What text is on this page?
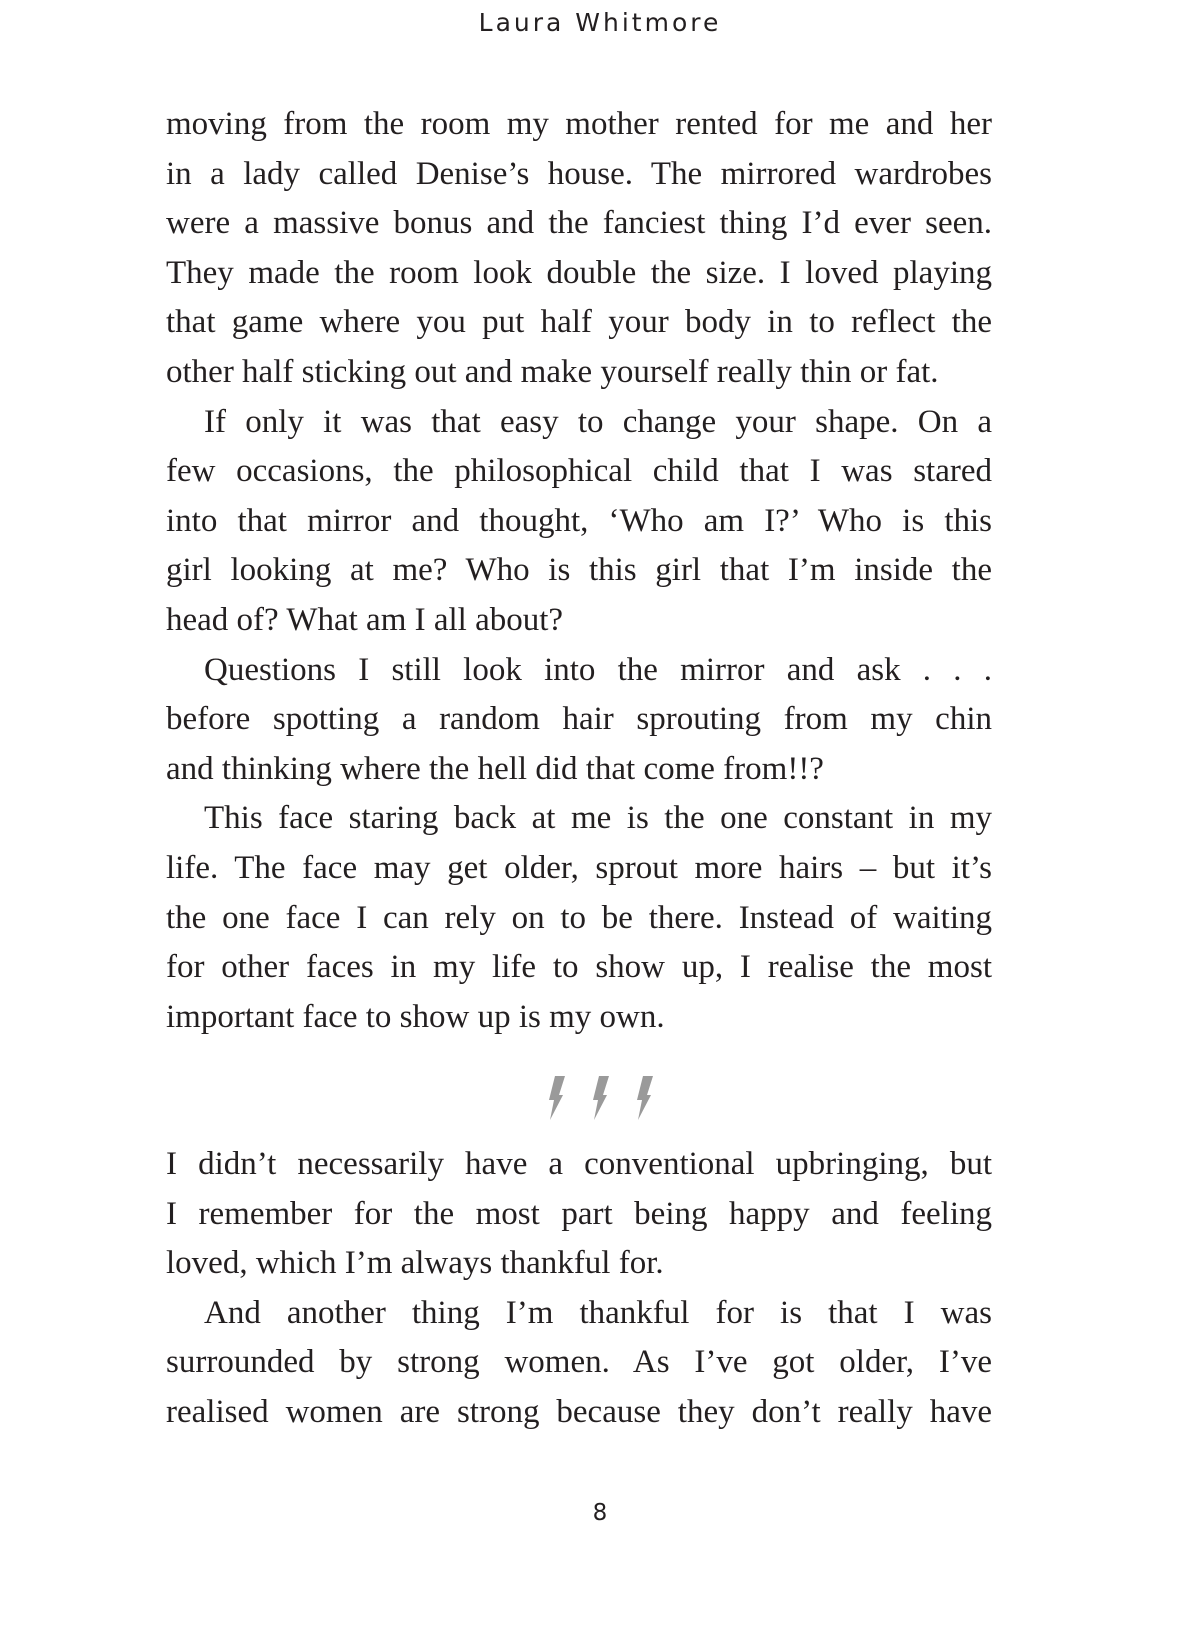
Laura Whitmore
moving from the room my mother rented for me and her
in a lady called Denise’s house. The mirrored wardrobes
were a massive bonus and the fanciest thing I’d ever seen.
They made the room look double the size. I loved playing
that game where you put half your body in to reflect the
other half sticking out and make yourself really thin or fat.
If only it was that easy to change your shape. On a
few occasions, the philosophical child that I was stared
into that mirror and thought, ‘Who am I?’ Who is this
girl looking at me? Who is this girl that I’m inside the
head of? What am I all about?
Questions I still look into the mirror and ask . . .
before spotting a random hair sprouting from my chin
and thinking where the hell did that come from!!?
This face staring back at me is the one constant in my
life. The face may get older, sprout more hairs – but it’s
the one face I can rely on to be there. Instead of waiting
for other faces in my life to show up, I realise the most
important face to show up is my own.
I didn’t necessarily have a conventional upbringing, but
I remember for the most part being happy and feeling
loved, which I’m always thankful for.
And another thing I’m thankful for is that I was
surrounded by strong women. As I’ve got older, I’ve
realised women are strong because they don’t really have
8
